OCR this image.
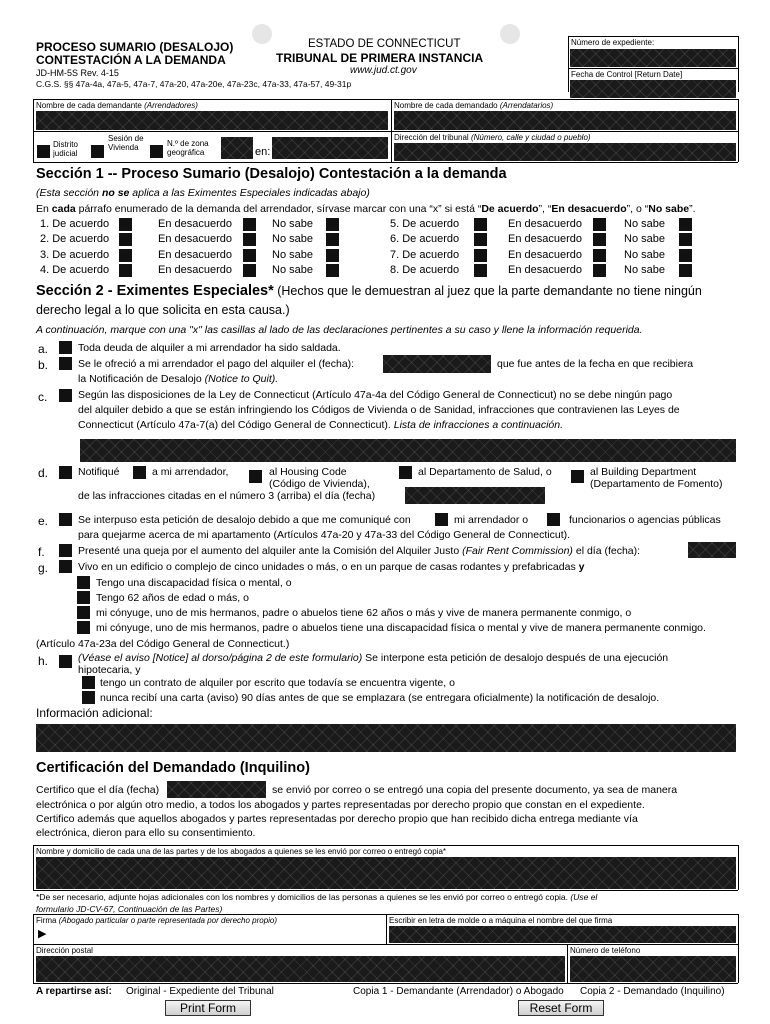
PROCESO SUMARIO (DESALOJO)
CONTESTACIÓN A LA DEMANDA
JD-HM-5S Rev. 4-15
C.G.S. §§ 47a-4a, 47a-5, 47a-7, 47a-20, 47a-20e, 47a-23c, 47a-33, 47a-57, 49-31p
ESTADO DE CONNECTICUT
TRIBUNAL DE PRIMERA INSTANCIA
www.jud.ct.gov
Número de expediente:
Fecha de Control [Return Date]
Nombre de cada demandante (Arrendadores)	Nombre de cada demandado (Arrendatarios)
Distrito judicial
Sesión de Vivienda	N.º de zona geográfica	en:
Dirección del tribunal (Número, calle y ciudad o pueblo)
Sección 1 -- Proceso Sumario (Desalojo) Contestación a la demanda
(Esta sección no se aplica a las Eximentes Especiales indicadas abajo)
En cada párrafo enumerado de la demanda del arrendador, sírvase marcar con una “x” si está “De acuerdo”, “En desacuerdo”, o “No sabe”.
1. De acuerdo	En desacuerdo	No sabe
2. De acuerdo	En desacuerdo	No sabe
3. De acuerdo	En desacuerdo	No sabe
4. De acuerdo	En desacuerdo	No sabe
5. De acuerdo	En desacuerdo	No sabe
6. De acuerdo	En desacuerdo	No sabe
7. De acuerdo	En desacuerdo	No sabe
8. De acuerdo	En desacuerdo	No sabe
Sección 2 - Eximentes Especiales* (Hechos que le demuestran al juez que la parte demandante no tiene ningún
derecho legal a lo que solicita en esta causa.)
A continuación, marque con una "x" las casillas al lado de las declaraciones pertinentes a su caso y llene la información requerida.
a.	Toda deuda de alquiler a mi arrendador ha sido saldada.
b.	Se le ofreció a mi arrendador el pago del alquiler el (fecha):	que fue antes de la fecha en que recibiera
la Notificación de Desalojo (Notice to Quit).
c.	Según las disposiciones de la Ley de Connecticut (Artículo 47a-4a del Código General de Connecticut) no se debe ningún pago
del alquiler debido a que se están infringiendo los Códigos de Vivienda o de Sanidad, infracciones que contravienen las Leyes de
Connecticut (Artículo 47a-7(a) del Código General de Connecticut). Lista de infracciones a continuación.
d.	Notifiqué	a mi arrendador,	al Housing Code
(Código de Vivienda),
al Departamento de Salud, o	al Building Department
(Departamento de Fomento)
de las infracciones citadas en el número 3 (arriba) el día (fecha)
e.	Se interpuso esta petición de desalojo debido a que me comuniqué con	mi arrendador o	funcionarios o agencias públicas
para quejarme acerca de mi apartamento (Artículos 47a-20 y 47a-33 del Código General de Connecticut).
f.	Presenté una queja por el aumento del alquiler ante la Comisión del Alquiler Justo (Fair Rent Commission) el día (fecha):
g.	Vivo en un edificio o complejo de cinco unidades o más, o en un parque de casas rodantes y prefabricadas y
Tengo una discapacidad física o mental, o
Tengo 62 años de edad o más, o
mi cónyuge, uno de mis hermanos, padre o abuelos tiene 62 años o más y vive de manera permanente conmigo, o
mi cónyuge, uno de mis hermanos, padre o abuelos tiene una discapacidad física o mental y vive de manera permanente conmigo.
(Artículo 47a-23a del Código General de Connecticut.)
h.	(Véase el aviso [Notice] al dorso/página 2 de este formulario) Se interpone esta petición de desalojo después de una ejecución
hipotecaria, y
tengo un contrato de alquiler por escrito que todavía se encuentra vigente, o
nunca recibí una carta (aviso) 90 días antes de que se emplazara (se entregara oficialmente) la notificación de desalojo.
Información adicional:
Certificación del Demandado (Inquilino)
Certifico que el día (fecha)	se envió por correo o se entregó una copia del presente documento, ya sea de manera
electrónica o por algún otro medio, a todos los abogados y partes representadas por derecho propio que constan en el expediente.
Certifico además que aquellos abogados y partes representadas por derecho propio que han recibido dicha entrega mediante vía
electrónica, dieron para ello su consentimiento.
Nombre y domicilio de cada una de las partes y de los abogados a quienes se les envió por correo o entregó copia*
*De ser necesario, adjunte hojas adicionales con los nombres y domicilios de las personas a quienes se les envió por correo o entregó copia. (Use el
formulario JD-CV-67, Continuación de las Partes)
Firma (Abogado particular o parte representada por derecho propio)
▶
Escribir en letra de molde o a máquina el nombre del que firma
Dirección postal	Número de teléfono
A repartirse así: Original - Expediente del Tribunal	Copia 1 - Demandante (Arrendador) o Abogado Copia 2 - Demandado (Inquilino)
Print Form	Reset Form
